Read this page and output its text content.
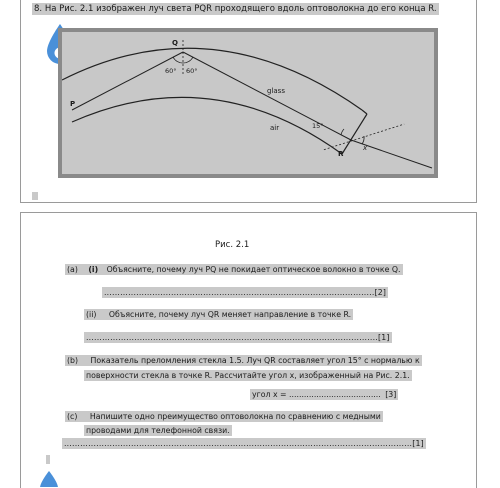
8. На Рис. 2.1 изображен луч света PQR проходящего вдоль оптоволокна до его конца R.
Q
60° 60°
P
glass
air	15°
R
x
Рис. 2.1
(a) (i) Объясните, почему луч PQ не покидает оптическое волокно в точке Q.
.....................................................................................................[2]
(ii) Объясните, почему луч QR меняет направление в точке R.
.............................................................................................................[1]
(b) Показатель преломления стекла 1.5. Луч QR составляет угол 15° с нормалью к
поверхности стекла в точке R. Рассчитайте угол x, изображенный на Рис. 2.1.
угол x = ..................................... [3]
(c) Напишите одно преимущество оптоволокна по сравнению с медными
проводами для телефонной связи.
..................................................................................................................................[1]
